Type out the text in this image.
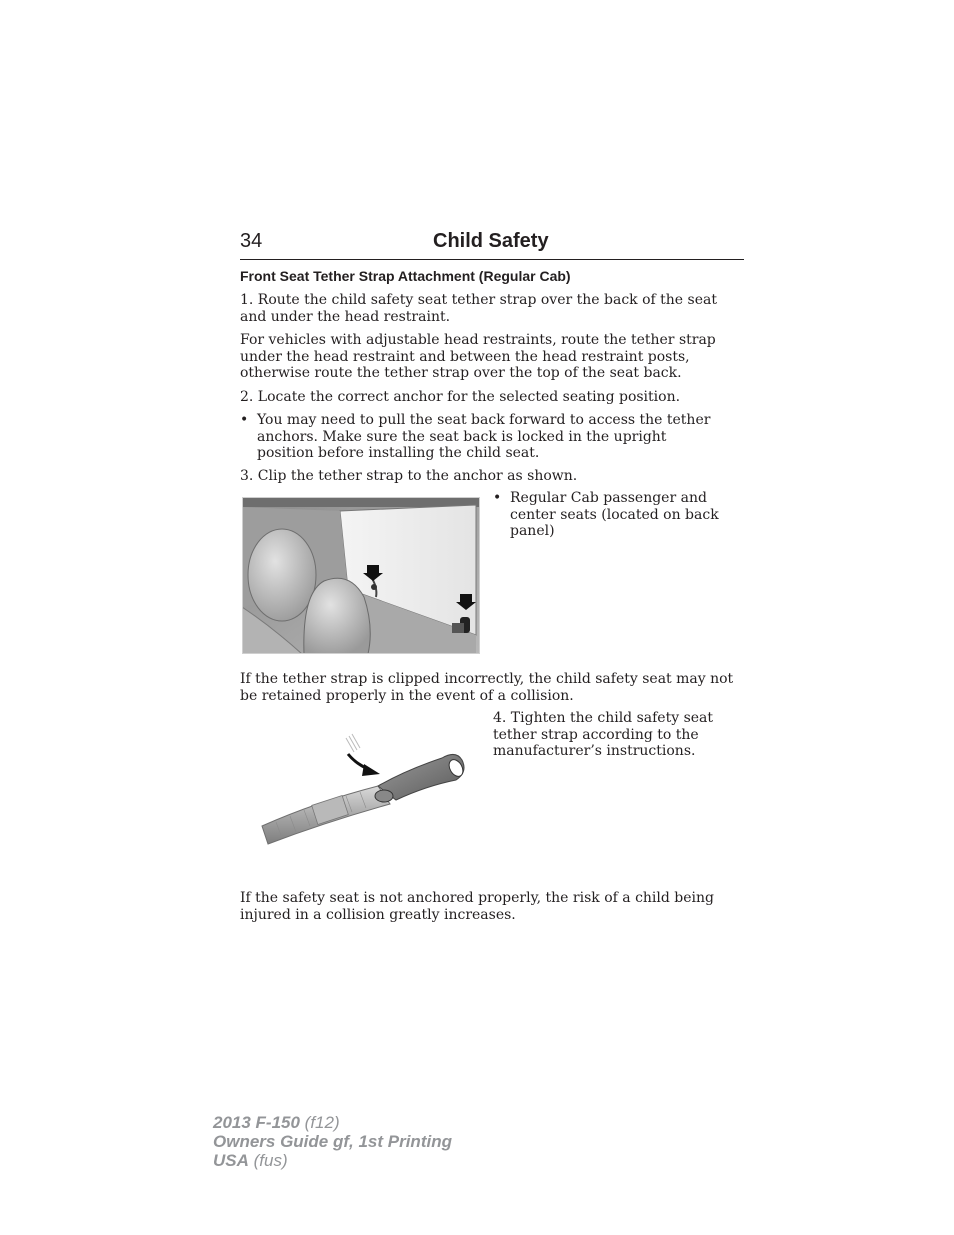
34	Child Safety
Front Seat Tether Strap Attachment (Regular Cab)

1. Route the child safety seat tether strap over the back of the seat and under the head restraint.

For vehicles with adjustable head restraints, route the tether strap under the head restraint and between the head restraint posts, otherwise route the tether strap over the top of the seat back.

2. Locate the correct anchor for the selected seating position.

• You may need to pull the seat back forward to access the tether anchors. Make sure the seat back is locked in the upright position before installing the child seat.

3. Clip the tether strap to the anchor as shown.

• Regular Cab passenger and center seats (located on back panel)

If the tether strap is clipped incorrectly, the child safety seat may not be retained properly in the event of a collision.

4. Tighten the child safety seat tether strap according to the manufacturer’s instructions.

If the safety seat is not anchored properly, the risk of a child being injured in a collision greatly increases.

2013 F-150 (f12)
Owners Guide gf, 1st Printing
USA (fus)
